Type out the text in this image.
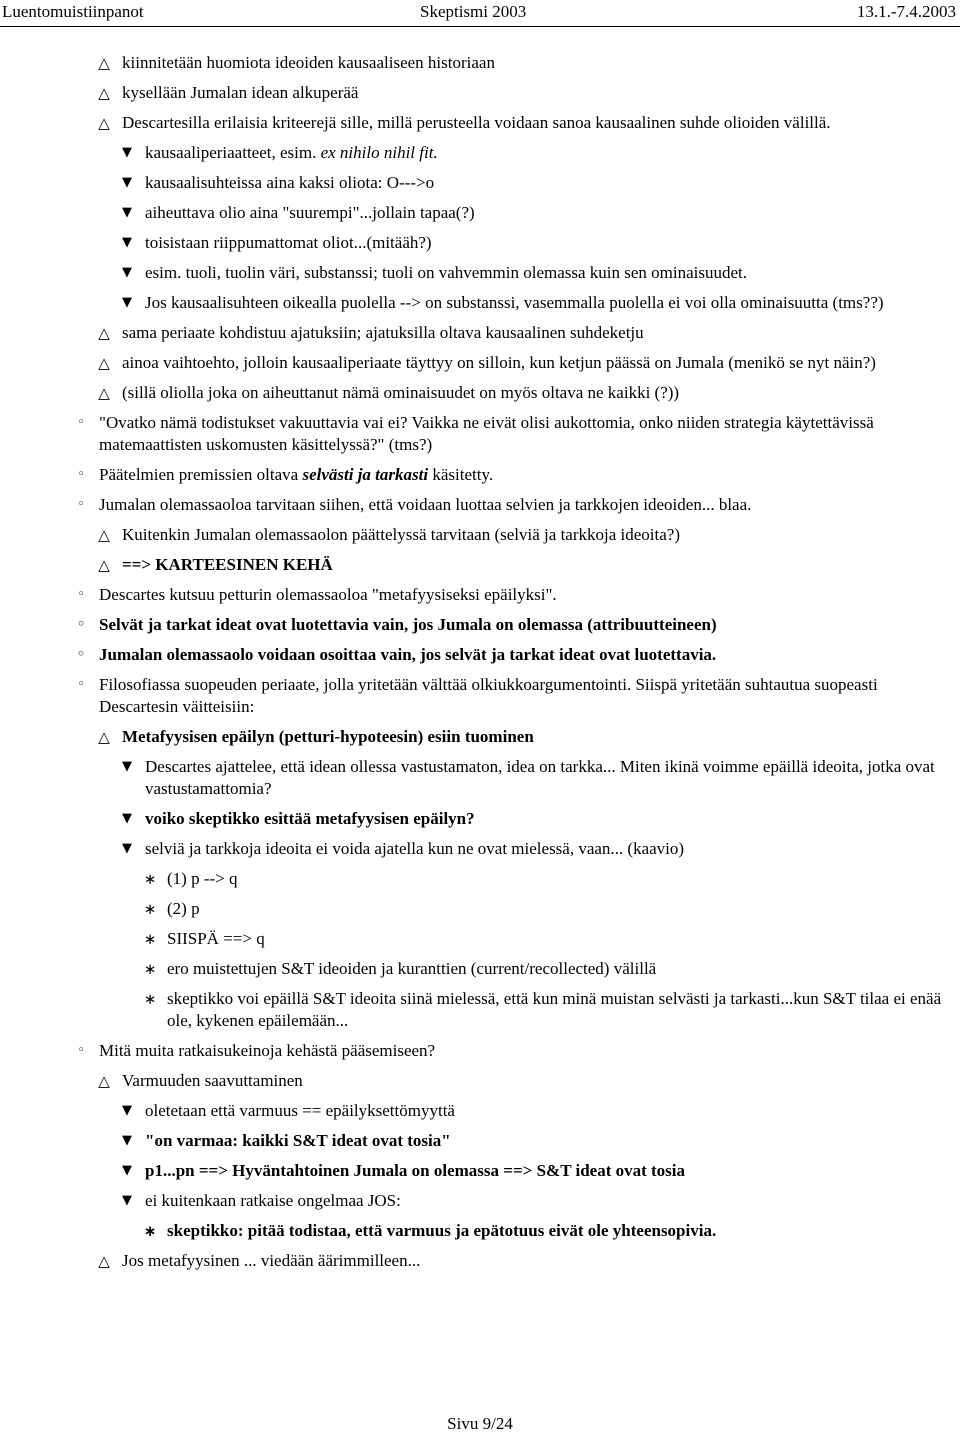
Luentomuistiinpanot	Skeptismi 2003	13.1.-7.4.2003
△ kiinnitetään huomiota ideoiden kausaaliseen historiaan
△ kysellään Jumalan idean alkuperää
△ Descartesilla erilaisia kriteerejä sille, millä perusteella voidaan sanoa kausaalinen suhde olioiden välillä.
▼ kausaaliperiaatteet, esim. ex nihilo nihil fit.
▼ kausaalisuhteissa aina kaksi oliota: O--->o
▼ aiheuttava olio aina "suurempi"...jollain tapaa(?)
▼ toisistaan riippumattomat oliot...(mitääh?)
▼ esim. tuoli, tuolin väri, substanssi; tuoli on vahvemmin olemassa kuin sen ominaisuudet.
▼ Jos kausaalisuhteen oikealla puolella --> on substanssi, vasemmalla puolella ei voi olla ominaisuutta (tms??)
△ sama periaate kohdistuu ajatuksiin; ajatuksilla oltava kausaalinen suhdeketju
△ ainoa vaihtoehto, jolloin kausaaliperiaate täyttyy on silloin, kun ketjun päässä on Jumala (menikö se nyt näin?)
△ (sillä oliolla joka on aiheuttanut nämä ominaisuudet on myös oltava ne kaikki (?))
◦ "Ovatko nämä todistukset vakuuttavia vai ei? Vaikka ne eivät olisi aukottomia, onko niiden strategia käytettävissä matemaattisten uskomusten käsittelyssä?" (tms?)
◦ Päätelmien premissien oltava selvästi ja tarkasti käsitetty.
◦ Jumalan olemassaoloa tarvitaan siihen, että voidaan luottaa selvien ja tarkkojen ideoiden... blaa.
△ Kuitenkin Jumalan olemassaolon päättelyssä tarvitaan (selviä ja tarkkoja ideoita?)
△ ==> KARTEESINEN KEHÄ
◦ Descartes kutsuu petturin olemassaoloa "metafyysiseksi epäilyksi".
◦ Selvät ja tarkat ideat ovat luotettavia vain, jos Jumala on olemassa (attribuutteineen)
◦ Jumalan olemassaolo voidaan osoittaa vain, jos selvät ja tarkat ideat ovat luotettavia.
◦ Filosofiassa suopeuden periaate, jolla yritetään välttää olkiukkoargumentointi. Siispä yritetään suhtautua suopeasti Descartesin väitteisiin:
△ Metafyysisen epäilyn (petturi-hypoteesin) esiin tuominen
▼ Descartes ajattelee, että idean ollessa vastustamaton, idea on tarkka... Miten ikinä voimme epäillä ideoita, jotka ovat vastustamattomia?
▼ voiko skeptikko esittää metafyysisen epäilyn?
▼ selviä ja tarkkoja ideoita ei voida ajatella kun ne ovat mielessä, vaan... (kaavio)
∗ (1) p --> q
∗ (2) p
∗ SIISPÄ ==> q
∗ ero muistettujen S&T ideoiden ja kuranttien (current/recollected) välillä
∗ skeptikko voi epäillä S&T ideoita siinä mielessä, että kun minä muistan selvästi ja tarkasti...kun S&T tilaa ei enää ole, kykenen epäilemään...
◦ Mitä muita ratkaisukeinoja kehästä pääsemiseen?
△ Varmuuden saavuttaminen
▼ oletetaan että varmuus == epäilyksettömyyttä
▼ "on varmaa: kaikki S&T ideat ovat tosia"
▼ p1...pn ==> Hyväntahtoinen Jumala on olemassa ==> S&T ideat ovat tosia
▼ ei kuitenkaan ratkaise ongelmaa JOS:
∗ skeptikko: pitää todistaa, että varmuus ja epätotuus eivät ole yhteensopivia.
△ Jos metafyysinen ... viedään äärimmilleen...
Sivu 9/24
